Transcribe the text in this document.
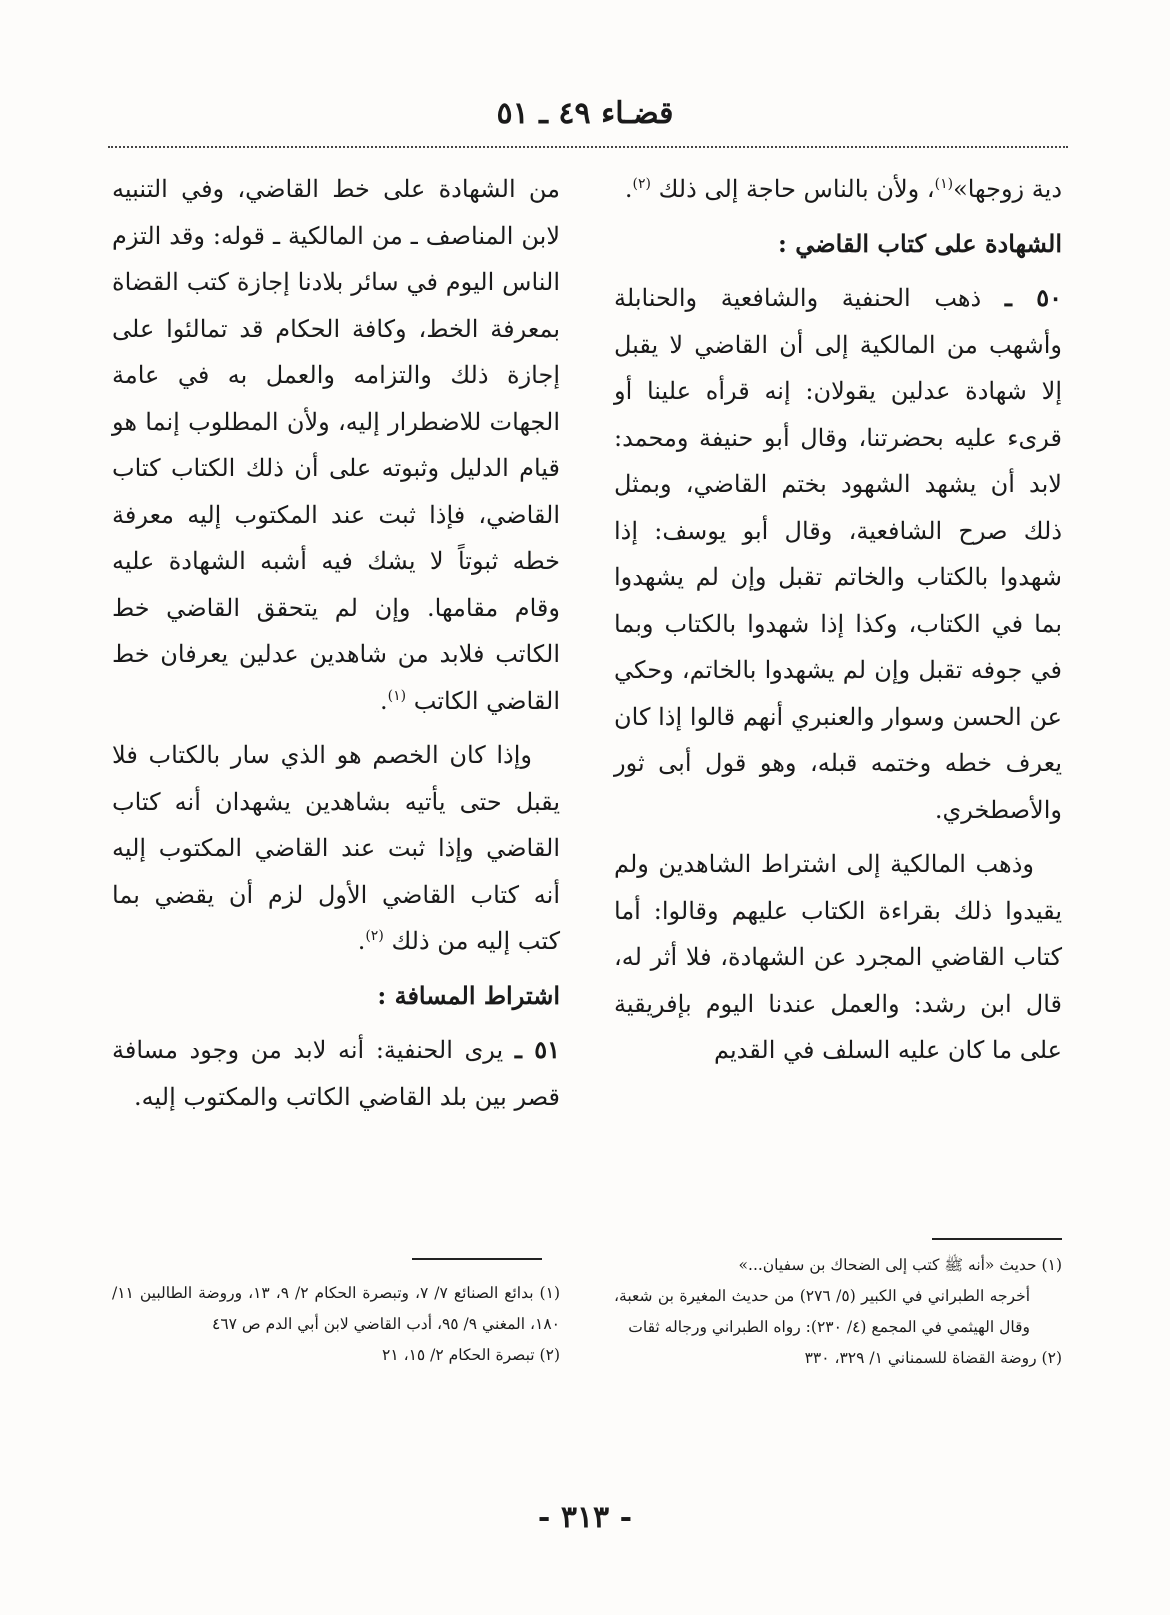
قضـاء ٤٩ ـ ٥١

دية زوجها»$^{(١)}$، ولأن بالناس حاجة إلى ذلك $^{(٢)}$.

الشهادة على كتاب القاضي :

٥٠ ـ ذهب الحنفية والشافعية والحنابلة وأشهب من المالكية إلى أن القاضي لا يقبل إلا شهادة عدلين يقولان: إنه قرأه علينا أو قرىء عليه بحضرتنا، وقال أبو حنيفة ومحمد: لابد أن يشهد الشهود بختم القاضي، وبمثل ذلك صرح الشافعية، وقال أبو يوسف: إذا شهدوا بالكتاب والخاتم تقبل وإن لم يشهدوا بما في الكتاب، وكذا إذا شهدوا بالكتاب وبما في جوفه تقبل وإن لم يشهدوا بالخاتم، وحكي عن الحسن وسوار والعنبري أنهم قالوا إذا كان يعرف خطه وختمه قبله، وهو قول أبى ثور والأصطخري.

وذهب المالكية إلى اشتراط الشاهدين ولم يقيدوا ذلك بقراءة الكتاب عليهم وقالوا: أما كتاب القاضي المجرد عن الشهادة، فلا أثر له، قال ابن رشد: والعمل عندنا اليوم بإفريقية على ما كان عليه السلف في القديم

من الشهادة على خط القاضي، وفي التنبيه لابن المناصف ـ من المالكية ـ قوله: وقد التزم الناس اليوم في سائر بلادنا إجازة كتب القضاة بمعرفة الخط، وكافة الحكام قد تمالئوا على إجازة ذلك والتزامه والعمل به في عامة الجهات للاضطرار إليه، ولأن المطلوب إنما هو قيام الدليل وثبوته على أن ذلك الكتاب كتاب القاضي، فإذا ثبت عند المكتوب إليه معرفة خطه ثبوتاً لا يشك فيه أشبه الشهادة عليه وقام مقامها. وإن لم يتحقق القاضي خط الكاتب فلابد من شاهدين عدلين يعرفان خط القاضي الكاتب $^{(١)}$.

وإذا كان الخصم هو الذي سار بالكتاب فلا يقبل حتى يأتيه بشاهدين يشهدان أنه كتاب القاضي وإذا ثبت عند القاضي المكتوب إليه أنه كتاب القاضي الأول لزم أن يقضي بما كتب إليه من ذلك $^{(٢)}$.

اشتراط المسافة :

٥١ ـ يرى الحنفية: أنه لابد من وجود مسافة قصر بين بلد القاضي الكاتب والمكتوب إليه.

(١) حديث «أنه ﷺ كتب إلى الضحاك بن سفيان...»

أخرجه الطبراني في الكبير (٥/ ٢٧٦) من حديث المغيرة بن شعبة، وقال الهيثمي في المجمع (٤/ ٢٣٠): رواه الطبراني ورجاله ثقات

(٢) روضة القضاة للسمناني ١/ ٣٢٩، ٣٣٠

(١) بدائع الصنائع ٧/ ٧، وتبصرة الحكام ٢/ ٩، ١٣، وروضة الطالبين ١١/ ١٨٠، المغني ٩/ ٩٥، أدب القاضي لابن أبي الدم ص ٤٦٧

(٢) تبصرة الحكام ٢/ ١٥، ٢١

- ٣١٣ -
